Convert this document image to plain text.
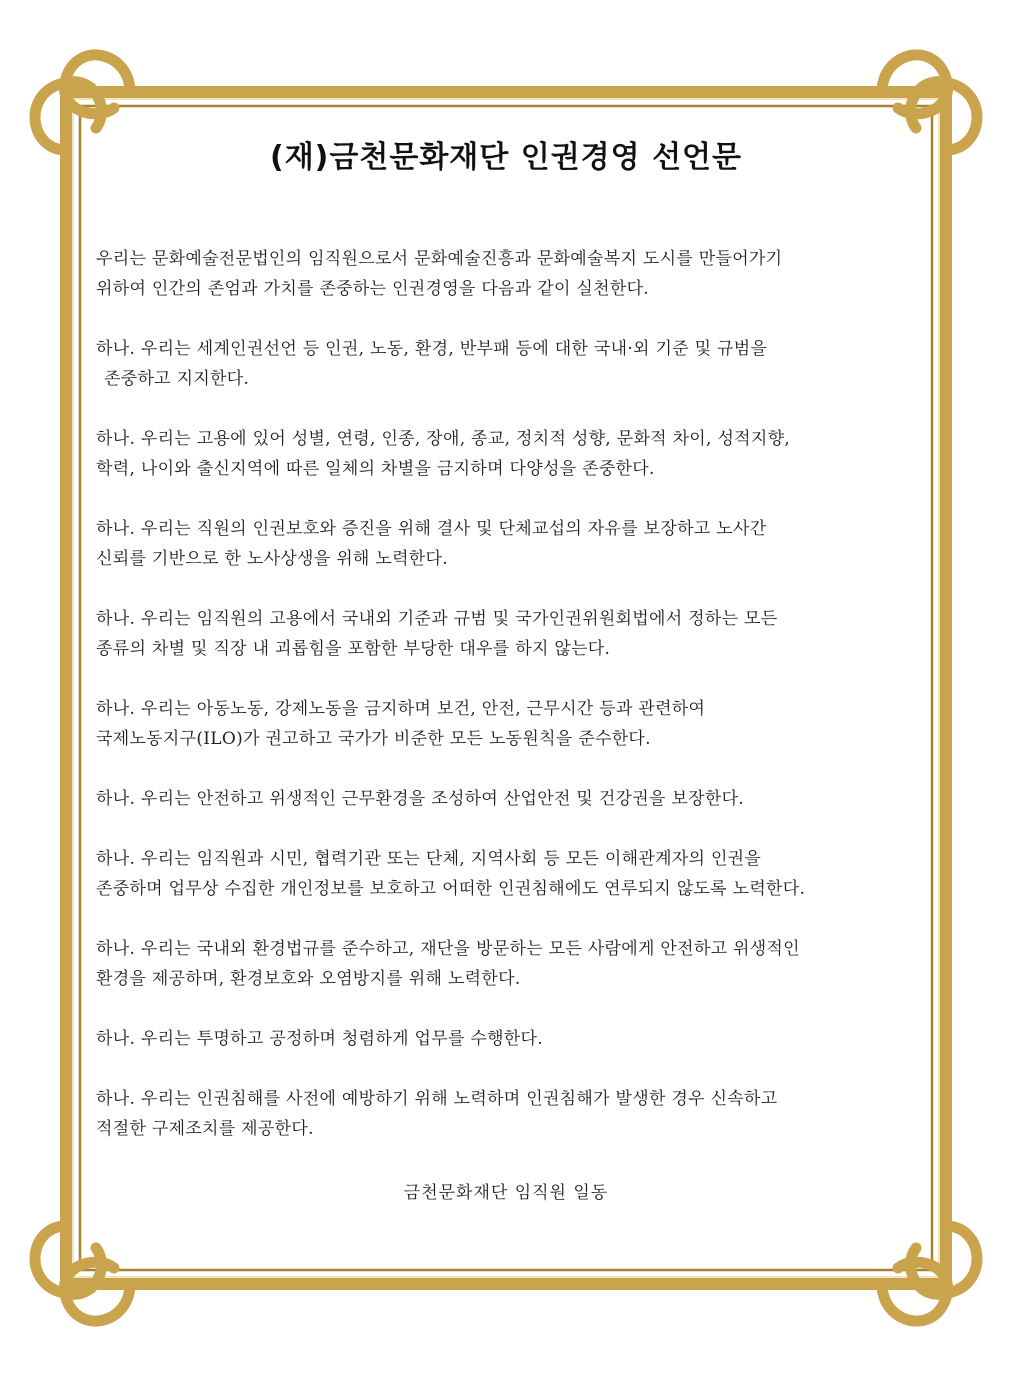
(재)금천문화재단 인권경영 선언문

우리는 문화예술전문법인의 임직원으로서 문화예술진흥과 문화예술복지 도시를 만들어가기
위하여 인간의 존엄과 가치를 존중하는 인권경영을 다음과 같이 실천한다.

하나. 우리는 세계인권선언 등 인권, 노동, 환경, 반부패 등에 대한 국내·외 기준 및 규범을
존중하고 지지한다.

하나. 우리는 고용에 있어 성별, 연령, 인종, 장애, 종교, 정치적 성향, 문화적 차이, 성적지향,
학력, 나이와 출신지역에 따른 일체의 차별을 금지하며 다양성을 존중한다.

하나. 우리는 직원의 인권보호와 증진을 위해 결사 및 단체교섭의 자유를 보장하고 노사간
신뢰를 기반으로 한 노사상생을 위해 노력한다.

하나. 우리는 임직원의 고용에서 국내외 기준과 규범 및 국가인권위원회법에서 정하는 모든
종류의 차별 및 직장 내 괴롭힘을 포함한 부당한 대우를 하지 않는다.

하나. 우리는 아동노동, 강제노동을 금지하며 보건, 안전, 근무시간 등과 관련하여
국제노동지구(ILO)가 권고하고 국가가 비준한 모든 노동원칙을 준수한다.

하나. 우리는 안전하고 위생적인 근무환경을 조성하여 산업안전 및 건강권을 보장한다.

하나. 우리는 임직원과 시민, 협력기관 또는 단체, 지역사회 등 모든 이해관계자의 인권을
존중하며 업무상 수집한 개인정보를 보호하고 어떠한 인권침해에도 연루되지 않도록 노력한다.

하나. 우리는 국내외 환경법규를 준수하고, 재단을 방문하는 모든 사람에게 안전하고 위생적인
환경을 제공하며, 환경보호와 오염방지를 위해 노력한다.

하나. 우리는 투명하고 공정하며 청렴하게 업무를 수행한다.

하나. 우리는 인권침해를 사전에 예방하기 위해 노력하며 인권침해가 발생한 경우 신속하고
적절한 구제조치를 제공한다.

금천문화재단 임직원 일동
